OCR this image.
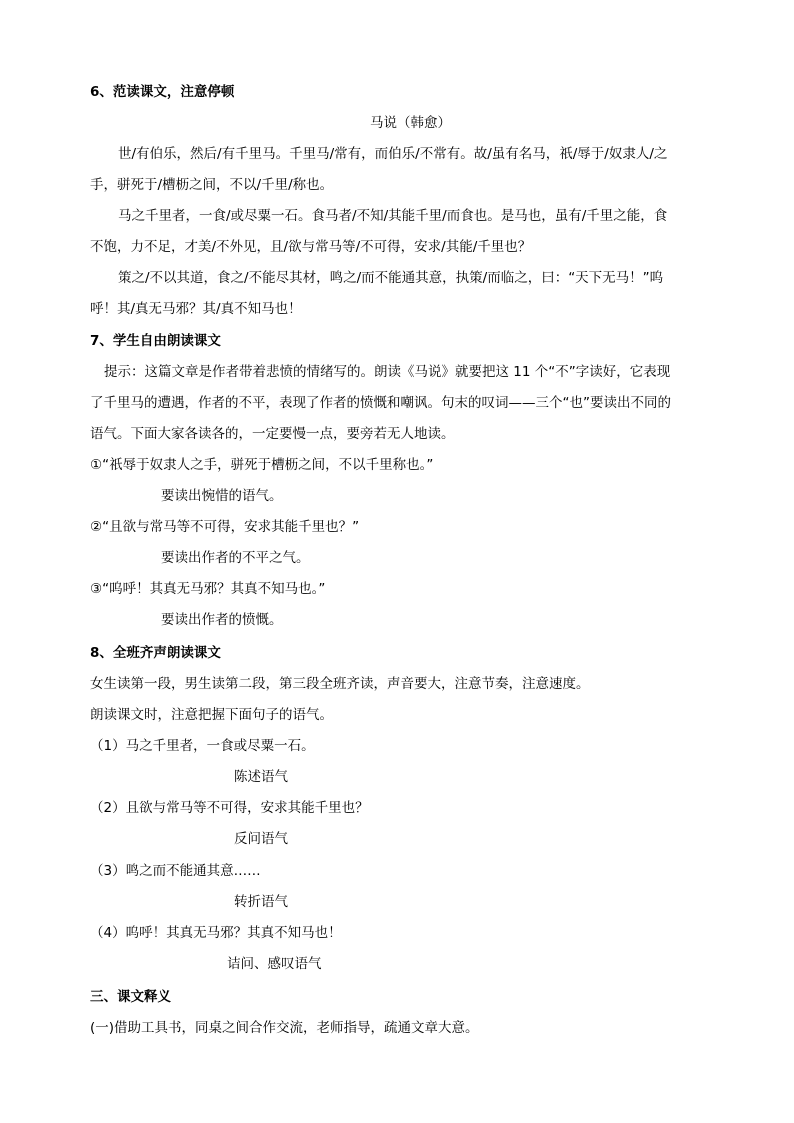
6、范读课文，注意停顿
马说（韩愈）
世/有伯乐，然后/有千里马。千里马/常有，而伯乐/不常有。故/虽有名马，祇/辱于/奴隶人/之
手，骈死于/槽枥之间，不以/千里/称也。
马之千里者，一食/或尽粟一石。食马者/不知/其能千里/而食也。是马也，虽有/千里之能，食
不饱，力不足，才美/不外见，且/欲与常马等/不可得，安求/其能/千里也？
策之/不以其道，食之/不能尽其材，鸣之/而不能通其意，执策/而临之，曰：“天下无马！”呜
呼！其/真无马邪？其/真不知马也！
7、学生自由朗读课文
提示：这篇文章是作者带着悲愤的情绪写的。朗读《马说》就要把这 11 个“不”字读好，它表现
了千里马的遭遇，作者的不平，表现了作者的愤慨和嘲讽。句末的叹词——三个“也”要读出不同的
语气。下面大家各读各的，一定要慢一点，要旁若无人地读。
①“祇辱于奴隶人之手，骈死于槽枥之间，不以千里称也。”
要读出惋惜的语气。
②“且欲与常马等不可得，安求其能千里也？”
要读出作者的不平之气。
③“呜呼！其真无马邪？其真不知马也。”
要读出作者的愤慨。
8、全班齐声朗读课文
女生读第一段，男生读第二段，第三段全班齐读，声音要大，注意节奏，注意速度。
朗读课文时，注意把握下面句子的语气。
（1）马之千里者，一食或尽粟一石。
陈述语气
（2）且欲与常马等不可得，安求其能千里也？
反问语气
（3）鸣之而不能通其意……
转折语气
（4）呜呼！其真无马邪？其真不知马也！
诘问、感叹语气
三、课文释义
(一)借助工具书，同桌之间合作交流，老师指导，疏通文章大意。
